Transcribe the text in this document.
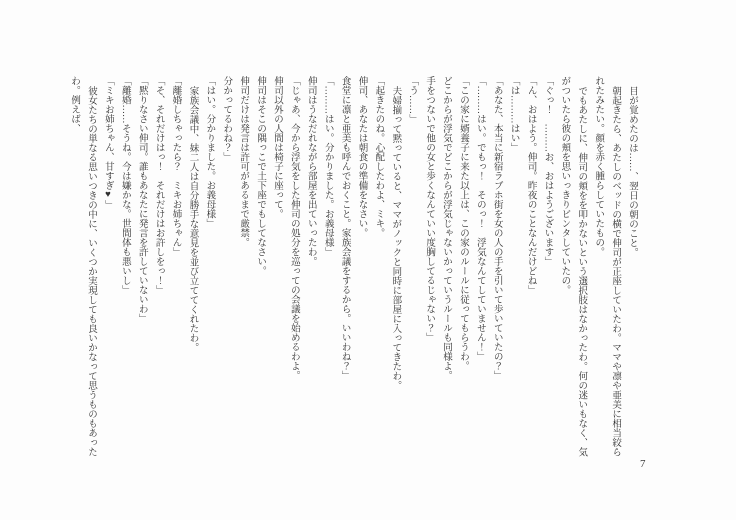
目が覚めたのは……、翌日の朝のこと。

朝起きたら、あたしのベッドの横で伸司が正座していたわ。ママや凛や亜美に相当絞られたみたい。顔を赤く腫らしていたもの。

でもあたしに、伸司の頬をを叩かないという選択肢はなかったわ。何の迷いもなく、気がついたら彼の頬を思いっきりビンタしていたの。

「ぐっ！　………お、おはようございます」

「ん、おはよう。伸司。昨夜のことなんだけどね」

「は………はい」

「あなた、本当に新宿ラブホ街を女の人の手を引いて歩いていたの？」

「………はい。でもっ！　そのっ！　浮気なんてしていません！」

「この家に婿養子に来た以上は、この家のルールに従ってもらうわ。

どこからが浮気でどこからが浮気じゃないかっていうルールも同様よ。

手をつないで他の女と歩くなんていい度胸してるじゃない？」

「う……」

夫婦揃って黙っていると、ママがノックと同時に部屋に入ってきたわ。

「起きたのね。心配したわよ、ミキ。

伸司、あなたは朝食の準備をなさい。

食堂に凛と亜美も呼んでおくこと。家族会議をするから。いいわね？」

「………はい。分かりました。お義母様」

伸司はうなだれながら部屋を出ていったわ。

「じゃあ、今から浮気をした伸司の処分を巡っての会議を始めるわよ。

伸司以外の人間は椅子に座って。

伸司はそこの隅っこで土下座でもしてなさい。

伸司だけは発言は許可があるまで厳禁。

分かってるわね？」

「はい。分かりました。お義母様」

家族会議中、妹二人は自分勝手な意見を並び立ててくれたわ。

「離婚しちゃったら？　ミキお姉ちゃん」

「そ、それだけはっ！　それだけはお許しをっ！」

「黙りなさい伸司。誰もあなたに発言を許していないわ」

「離婚……そうね。今は嫌かな。世間体も悪いし」

「ミキお姉ちゃん、甘すぎ♥」

彼女たちの単なる思いつきの中に、いくつか実現しても良いかなって思うものもあったわ。例えば、

7
